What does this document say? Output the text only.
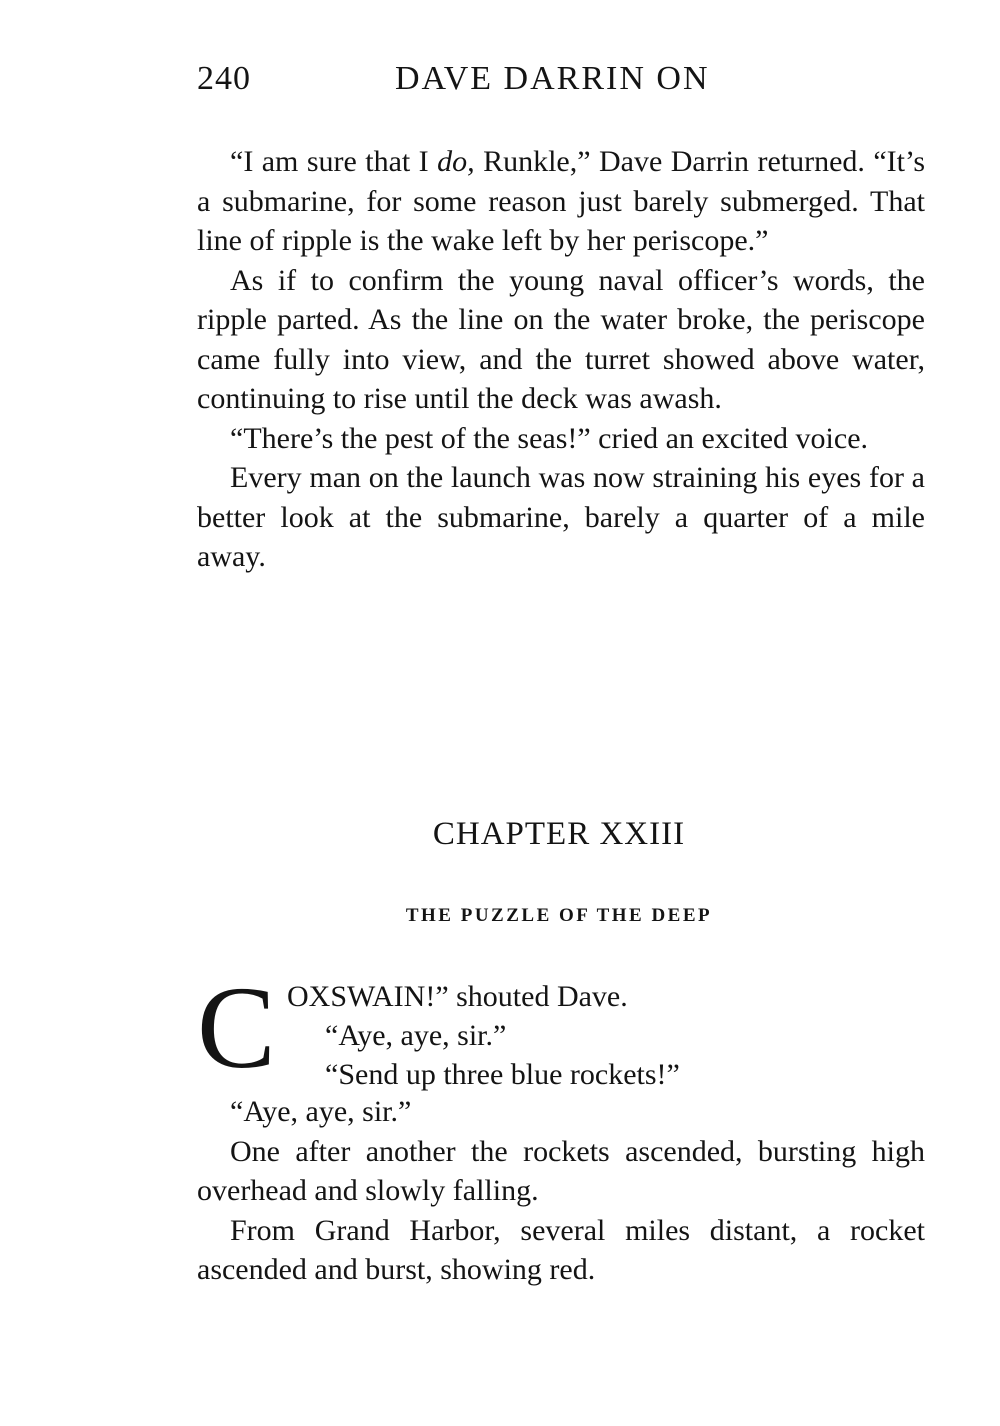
240	DAVE DARRIN ON

“I am sure that I do, Runkle,” Dave Darrin returned. “It’s a submarine, for some reason just barely submerged. That line of ripple is the wake left by her periscope.”

As if to confirm the young naval officer’s words, the ripple parted. As the line on the water broke, the periscope came fully into view, and the turret showed above water, continuing to rise until the deck was awash.

“There’s the pest of the seas!” cried an excited voice.

Every man on the launch was now straining his eyes for a better look at the submarine, barely a quarter of a mile away.

CHAPTER XXIII
THE PUZZLE OF THE DEEP
C OXSWAIN!” shouted Dave.
“Aye, aye, sir.”
“Send up three blue rockets!”

“Aye, aye, sir.”

One after another the rockets ascended, bursting high overhead and slowly falling.

From Grand Harbor, several miles distant, a rocket ascended and burst, showing red.
